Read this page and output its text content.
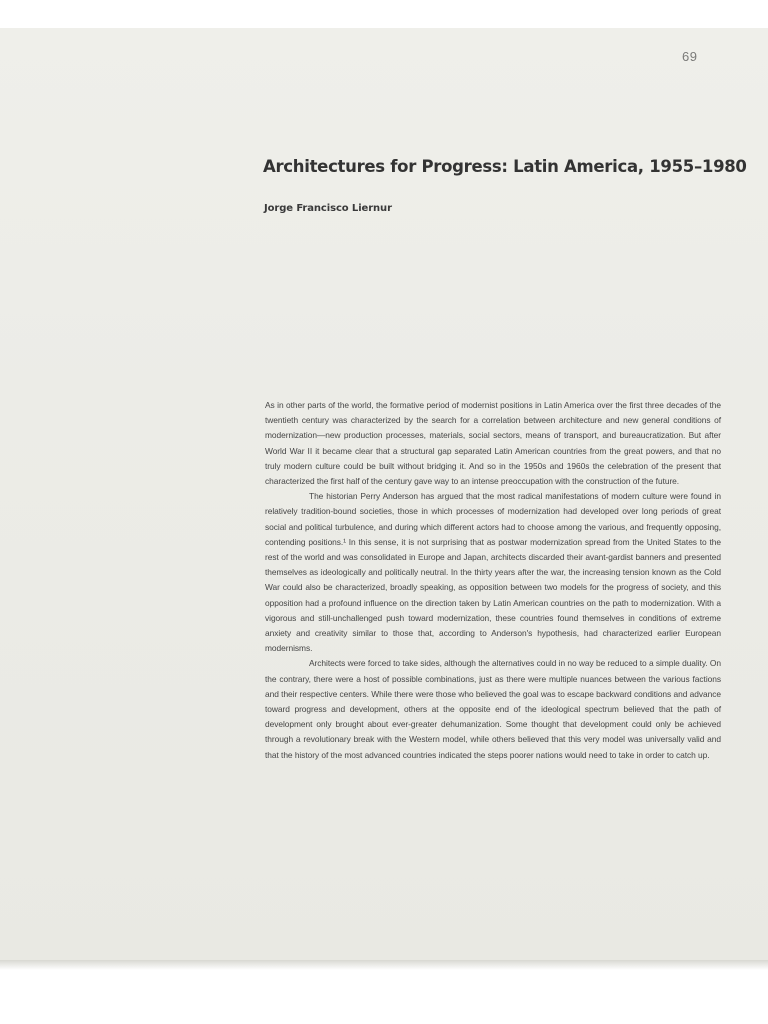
69
Architectures for Progress: Latin America, 1955–1980
Jorge Francisco Liernur

As in other parts of the world, the formative period of modernist positions in Latin America over the first three decades of the twentieth century was characterized by the search for a correlation between architecture and new general conditions of modernization—new production processes, materials, social sectors, means of transport, and bureaucratization. But after World War II it became clear that a structural gap separated Latin American countries from the great powers, and that no truly modern culture could be built without bridging it. And so in the 1950s and 1960s the celebration of the present that characterized the first half of the century gave way to an intense preoccupation with the construction of the future.

The historian Perry Anderson has argued that the most radical manifestations of modern culture were found in relatively tradition-bound societies, those in which processes of modernization had developed over long periods of great social and political turbulence, and during which different actors had to choose among the various, and frequently opposing, contending positions.¹ In this sense, it is not surprising that as postwar modernization spread from the United States to the rest of the world and was consolidated in Europe and Japan, architects discarded their avant-gardist banners and presented themselves as ideologically and politically neutral. In the thirty years after the war, the increasing tension known as the Cold War could also be characterized, broadly speaking, as opposition between two models for the progress of society, and this opposition had a profound influence on the direction taken by Latin American countries on the path to modernization. With a vigorous and still-unchallenged push toward modernization, these countries found themselves in conditions of extreme anxiety and creativity similar to those that, according to Anderson's hypothesis, had characterized earlier European modernisms.

Architects were forced to take sides, although the alternatives could in no way be reduced to a simple duality. On the contrary, there were a host of possible combinations, just as there were multiple nuances between the various factions and their respective centers. While there were those who believed the goal was to escape backward conditions and advance toward progress and development, others at the opposite end of the ideological spectrum believed that the path of development only brought about ever-greater dehumanization. Some thought that development could only be achieved through a revolutionary break with the Western model, while others believed that this very model was universally valid and that the history of the most advanced countries indicated the steps poorer nations would need to take in order to catch up.
